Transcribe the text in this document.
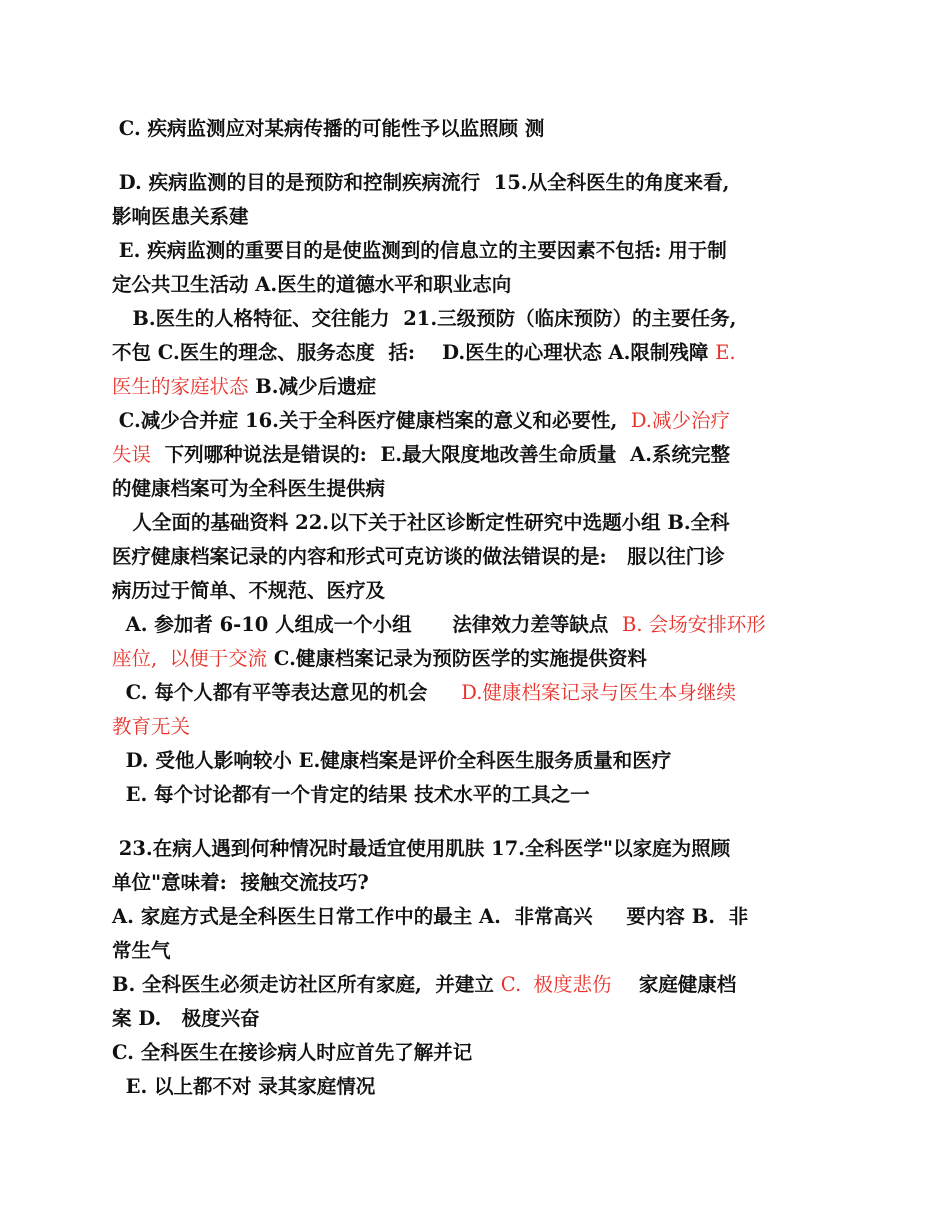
C. 疾病监测应对某病传播的可能性予以监照顾 测
D. 疾病监测的目的是预防和控制疾病流行  15.从全科医生的角度来看,
影响医患关系建
E. 疾病监测的重要目的是使监测到的信息立的主要因素不包括: 用于制
定公共卫生活动 A.医生的道德水平和职业志向
B.医生的人格特征、交往能力  21.三级预防（临床预防）的主要任务,
不包 C.医生的理念、服务态度  括:    D.医生的心理状态 A.限制残障 E.
医生的家庭状态 B.减少后遗症
C.减少合并症 16.关于全科医疗健康档案的意义和必要性,  D.减少治疗
失误  下列哪种说法是错误的:  E.最大限度地改善生命质量  A.系统完整
的健康档案可为全科医生提供病
人全面的基础资料 22.以下关于社区诊断定性研究中选题小组 B.全科
医疗健康档案记录的内容和形式可克访谈的做法错误的是:   服以往门诊
病历过于简单、不规范、医疗及
A. 参加者 6-10 人组成一个小组      法律效力差等缺点  B. 会场安排环形
座位,  以便于交流 C.健康档案记录为预防医学的实施提供资料
C. 每个人都有平等表达意见的机会     D.健康档案记录与医生本身继续
教育无关
D. 受他人影响较小 E.健康档案是评价全科医生服务质量和医疗
E. 每个讨论都有一个肯定的结果 技术水平的工具之一
23.在病人遇到何种情况时最适宜使用肌肤 17.全科医学"以家庭为照顾
单位"意味着:  接触交流技巧?
A. 家庭方式是全科医生日常工作中的最主 A.  非常高兴     要内容 B.  非
常生气
B. 全科医生必须走访社区所有家庭,  并建立 C.  极度悲伤    家庭健康档
案 D.   极度兴奋
C. 全科医生在接诊病人时应首先了解并记
E. 以上都不对 录其家庭情况
